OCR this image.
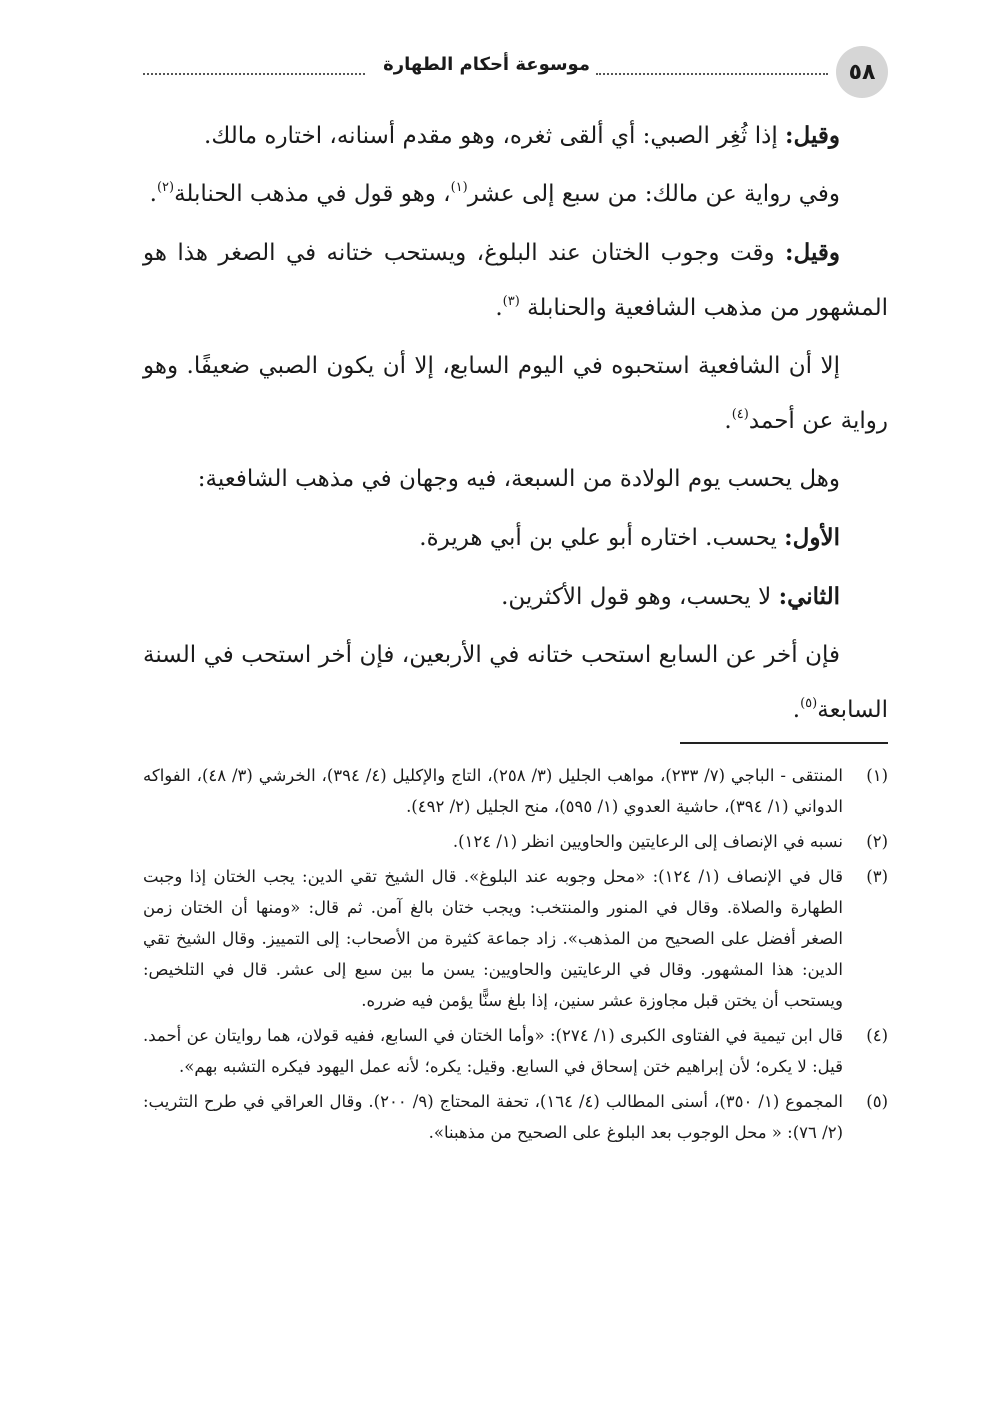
٥٨
موسوعة أحكام الطهارة

وقيل: إذا ثُغِر الصبي: أي ألقى ثغره، وهو مقدم أسنانه، اختاره مالك.

وفي رواية عن مالك: من سبع إلى عشر$^{(١)}$، وهو قول في مذهب الحنابلة$^{(٢)}$.

وقيل: وقت وجوب الختان عند البلوغ، ويستحب ختانه في الصغر هذا هو المشهور من مذهب الشافعية والحنابلة $^{(٣)}$.

إلا أن الشافعية استحبوه في اليوم السابع، إلا أن يكون الصبي ضعيفًا. وهو رواية عن أحمد$^{(٤)}$.

وهل يحسب يوم الولادة من السبعة، فيه وجهان في مذهب الشافعية:

الأول: يحسب. اختاره أبو علي بن أبي هريرة.

الثاني: لا يحسب، وهو قول الأكثرين.

فإن أخر عن السابع استحب ختانه في الأربعين، فإن أخر استحب في السنة السابعة$^{(٥)}$.

(١)
المنتقى - الباجي (٧/ ٢٣٣)، مواهب الجليل (٣/ ٢٥٨)، التاج والإكليل (٤/ ٣٩٤)، الخرشي (٣/ ٤٨)، الفواكه الدواني (١/ ٣٩٤)، حاشية العدوي (١/ ٥٩٥)، منح الجليل (٢/ ٤٩٢).
(٢)
نسبه في الإنصاف إلى الرعايتين والحاويين انظر (١/ ١٢٤).
(٣)
قال في الإنصاف (١/ ١٢٤): «محل وجوبه عند البلوغ». قال الشيخ تقي الدين: يجب الختان إذا وجبت الطهارة والصلاة. وقال في المنور والمنتخب: ويجب ختان بالغ آمن. ثم قال: «ومنها أن الختان زمن الصغر أفضل على الصحيح من المذهب». زاد جماعة كثيرة من الأصحاب: إلى التمييز. وقال الشيخ تقي الدين: هذا المشهور. وقال في الرعايتين والحاويين: يسن ما بين سبع إلى عشر. قال في التلخيص: ويستحب أن يختن قبل مجاوزة عشر سنين، إذا بلغ سنًّا يؤمن فيه ضرره.
(٤)
قال ابن تيمية في الفتاوى الكبرى (١/ ٢٧٤): «وأما الختان في السابع، ففيه قولان، هما روايتان عن أحمد. قيل: لا يكره؛ لأن إبراهيم ختن إسحاق في السابع. وقيل: يكره؛ لأنه عمل اليهود فيكره التشبه بهم».
(٥)
المجموع (١/ ٣٥٠)، أسنى المطالب (٤/ ١٦٤)، تحفة المحتاج (٩/ ٢٠٠). وقال العراقي في طرح التثريب: (٢/ ٧٦): « محل الوجوب بعد البلوغ على الصحيح من مذهبنا».
